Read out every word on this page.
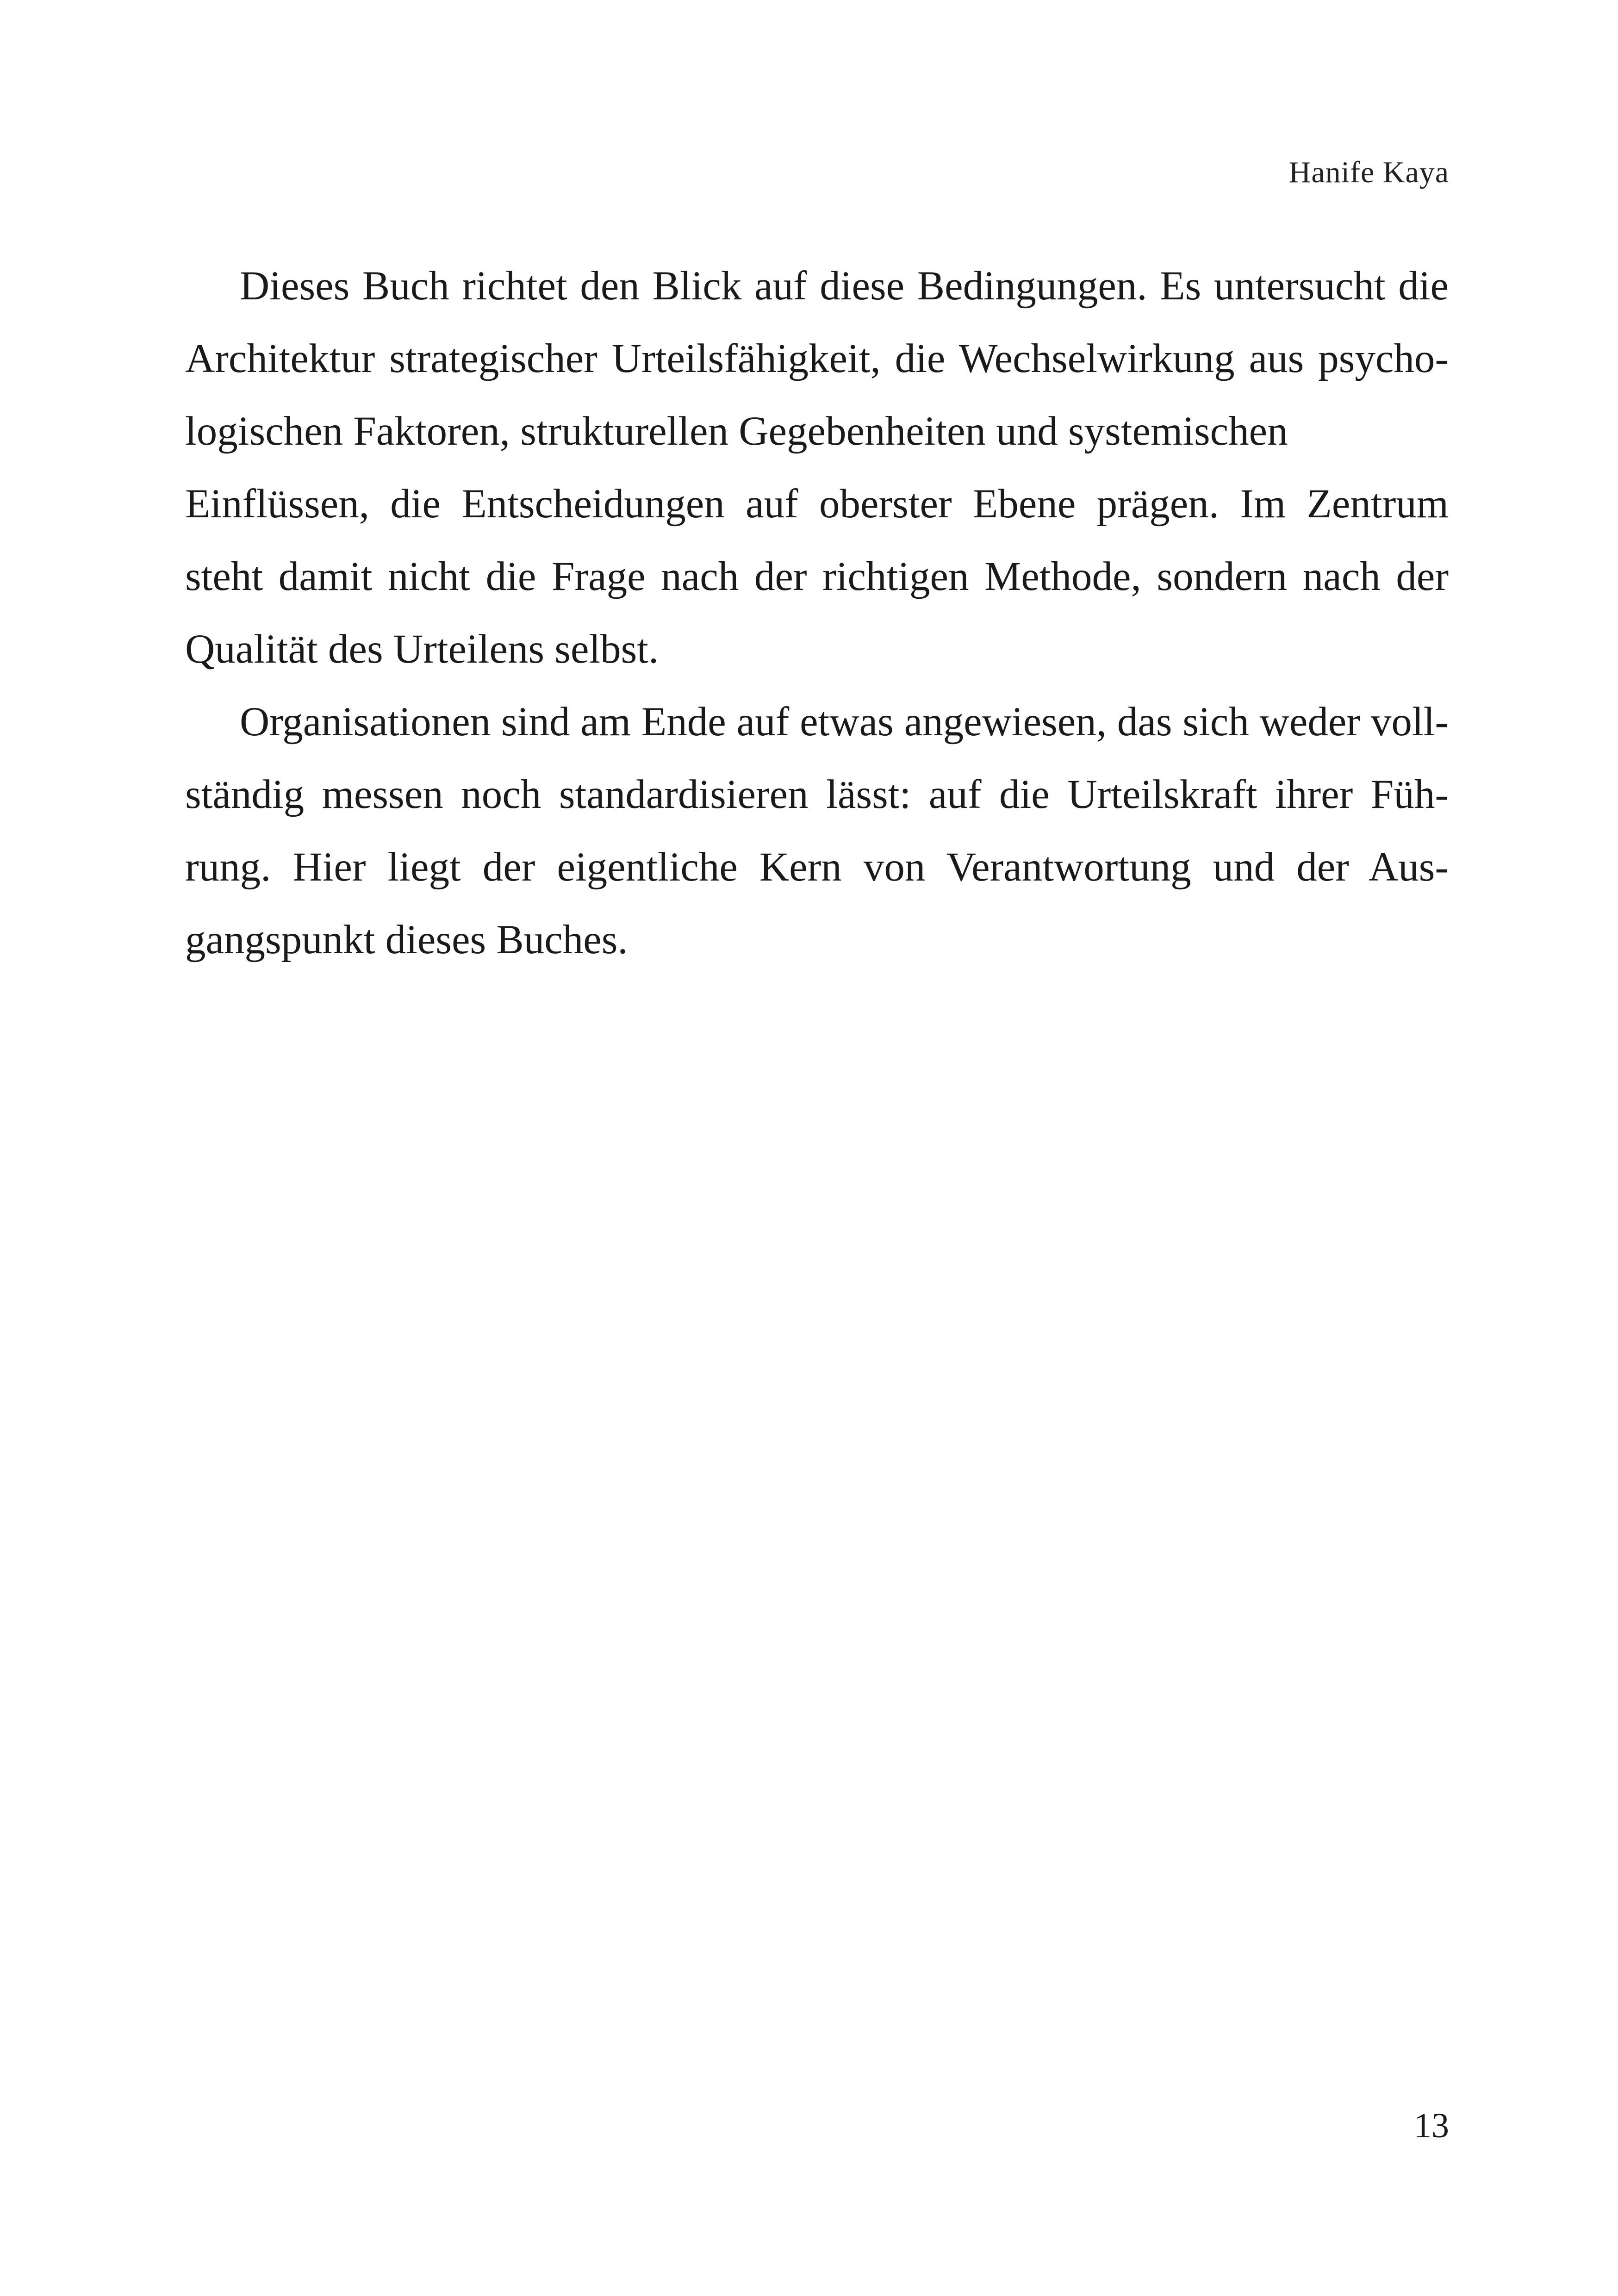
Hanife Kaya
Dieses Buch richtet den Blick auf diese Bedingungen. Es untersucht die
Architektur strategischer Urteilsfähigkeit, die Wechselwirkung aus psycho-
logischen Faktoren, strukturellen Gegebenheiten und systemischen
Einflüssen, die Entscheidungen auf oberster Ebene prägen. Im Zentrum
steht damit nicht die Frage nach der richtigen Methode, sondern nach der
Qualität des Urteilens selbst.
Organisationen sind am Ende auf etwas angewiesen, das sich weder voll-
ständig messen noch standardisieren lässt: auf die Urteilskraft ihrer Füh-
rung. Hier liegt der eigentliche Kern von Verantwortung und der Aus-
gangspunkt dieses Buches.
13
